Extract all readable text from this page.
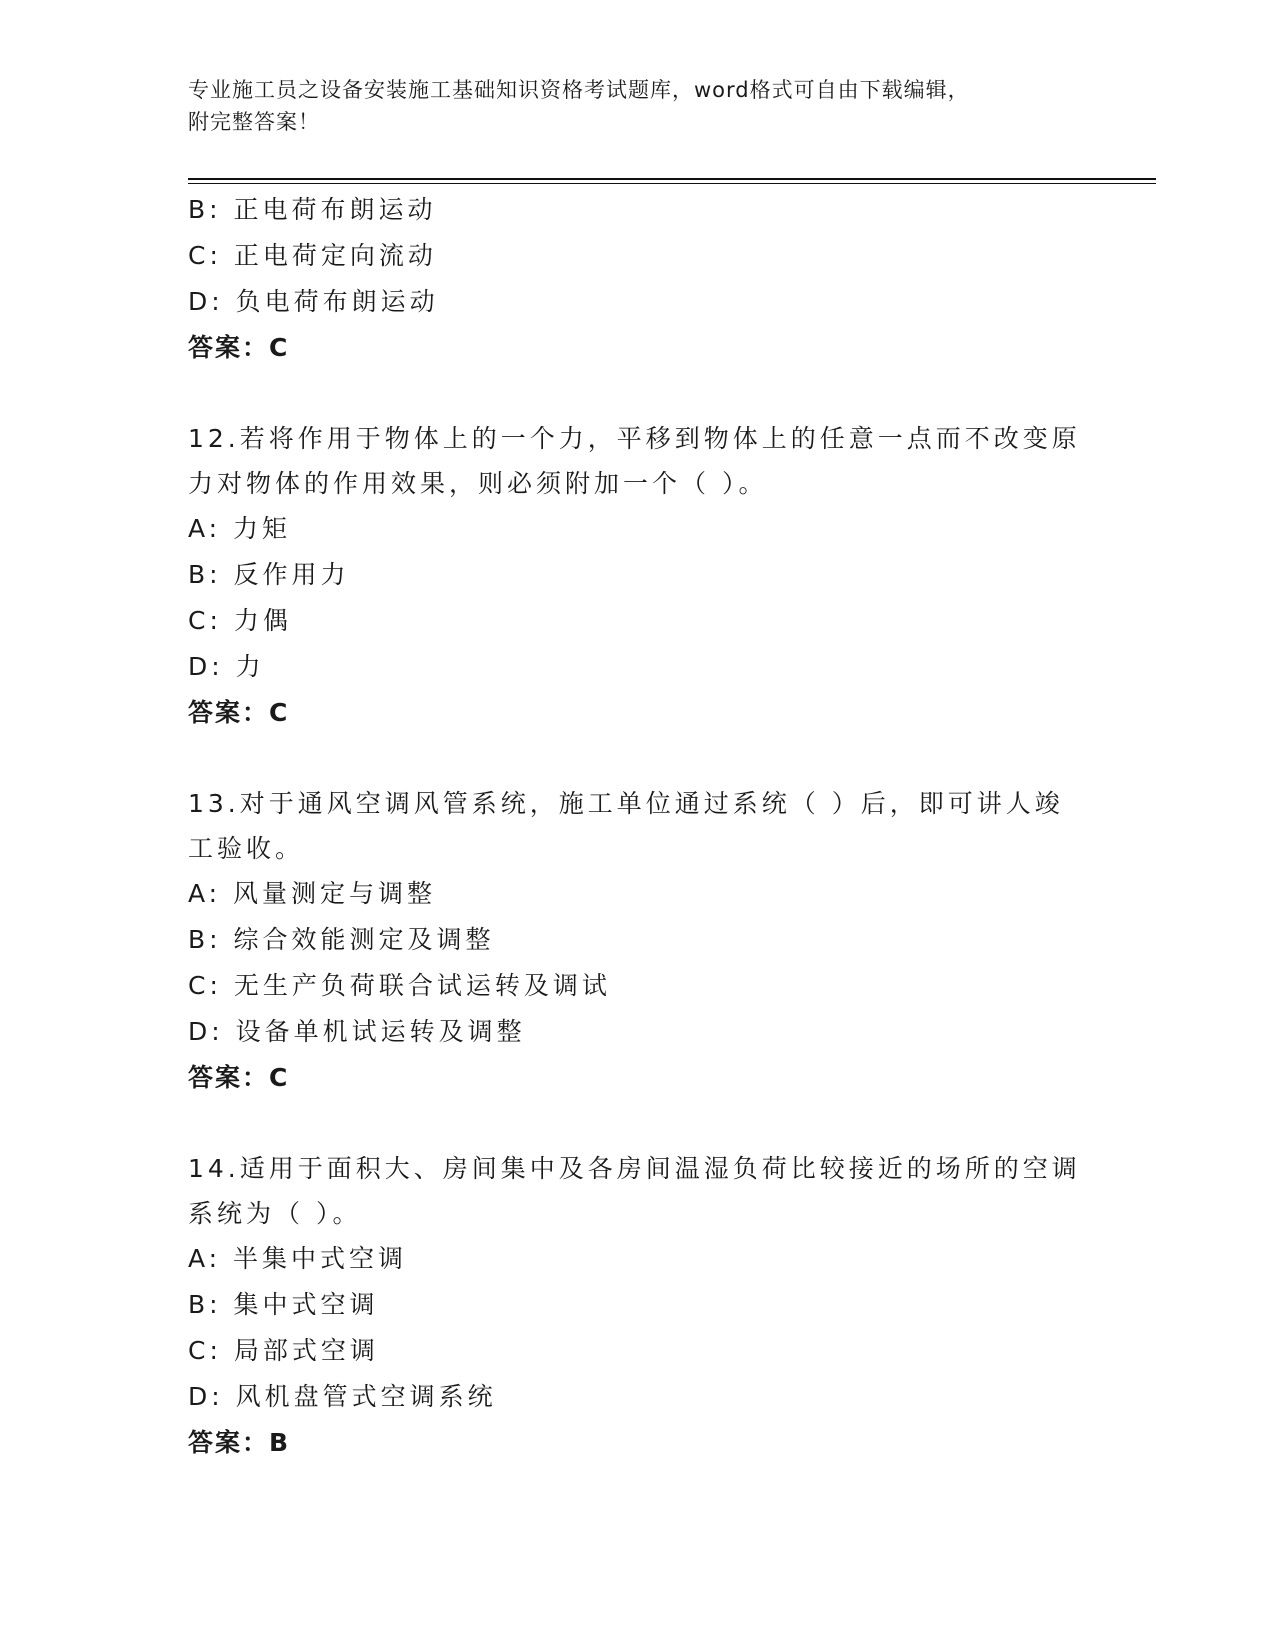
专业施工员之设备安装施工基础知识资格考试题库，word格式可自由下载编辑，
附完整答案！
B: 正电荷布朗运动
C: 正电荷定向流动
D: 负电荷布朗运动
答案：C
12.若将作用于物体上的一个力，平移到物体上的任意一点而不改变原
力对物体的作用效果，则必须附加一个（ ）。
A: 力矩
B: 反作用力
C: 力偶
D: 力
答案：C
13.对于通风空调风管系统，施工单位通过系统（ ）后，即可讲人竣
工验收。
A: 风量测定与调整
B: 综合效能测定及调整
C: 无生产负荷联合试运转及调试
D: 设备单机试运转及调整
答案：C
14.适用于面积大、房间集中及各房间温湿负荷比较接近的场所的空调
系统为（ ）。
A: 半集中式空调
B: 集中式空调
C: 局部式空调
D: 风机盘管式空调系统
答案：B
